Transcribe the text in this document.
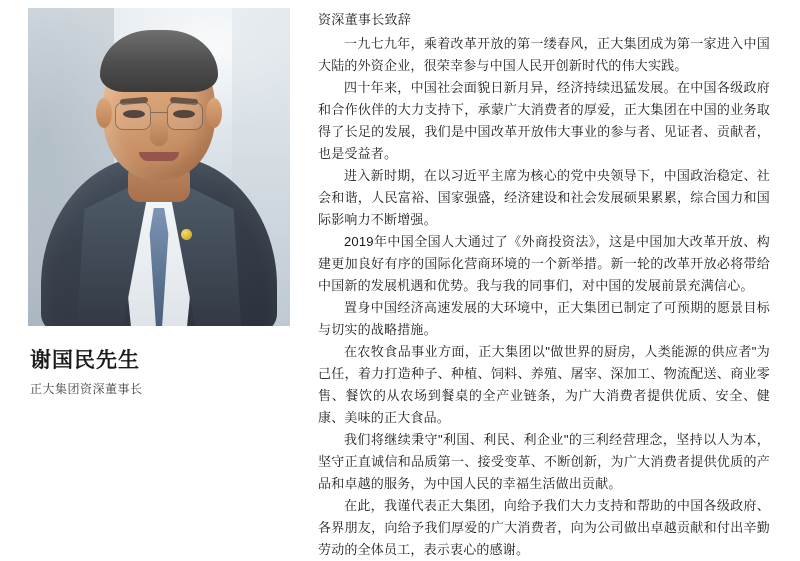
谢国民先生
正大集团资深董事长
资深董事长致辞

一九七九年，乘着改革开放的第一缕春风，正大集团成为第一家进入中国大陆的外资企业，很荣幸参与中国人民开创新时代的伟大实践。

四十年来，中国社会面貌日新月异，经济持续迅猛发展。在中国各级政府和合作伙伴的大力支持下，承蒙广大消费者的厚爱，正大集团在中国的业务取得了长足的发展，我们是中国改革开放伟大事业的参与者、见证者、贡献者，也是受益者。

进入新时期，在以习近平主席为核心的党中央领导下，中国政治稳定、社会和谐，人民富裕、国家强盛，经济建设和社会发展硕果累累，综合国力和国际影响力不断增强。

2019年中国全国人大通过了《外商投资法》，这是中国加大改革开放、构建更加良好有序的国际化营商环境的一个新举措。新一轮的改革开放必将带给中国新的发展机遇和优势。我与我的同事们，对中国的发展前景充满信心。

置身中国经济高速发展的大环境中，正大集团已制定了可预期的愿景目标与切实的战略措施。

在农牧食品事业方面，正大集团以"做世界的厨房，人类能源的供应者"为己任，着力打造种子、种植、饲料、养殖、屠宰、深加工、物流配送、商业零售、餐饮的从农场到餐桌的全产业链条，为广大消费者提供优质、安全、健康、美味的正大食品。

我们将继续秉守"利国、利民、利企业"的三利经营理念，坚持以人为本，坚守正直诚信和品质第一、接受变革、不断创新，为广大消费者提供优质的产品和卓越的服务，为中国人民的幸福生活做出贡献。

在此，我谨代表正大集团，向给予我们大力支持和帮助的中国各级政府、各界朋友，向给予我们厚爱的广大消费者，向为公司做出卓越贡献和付出辛勤劳动的全体员工，表示衷心的感谢。
